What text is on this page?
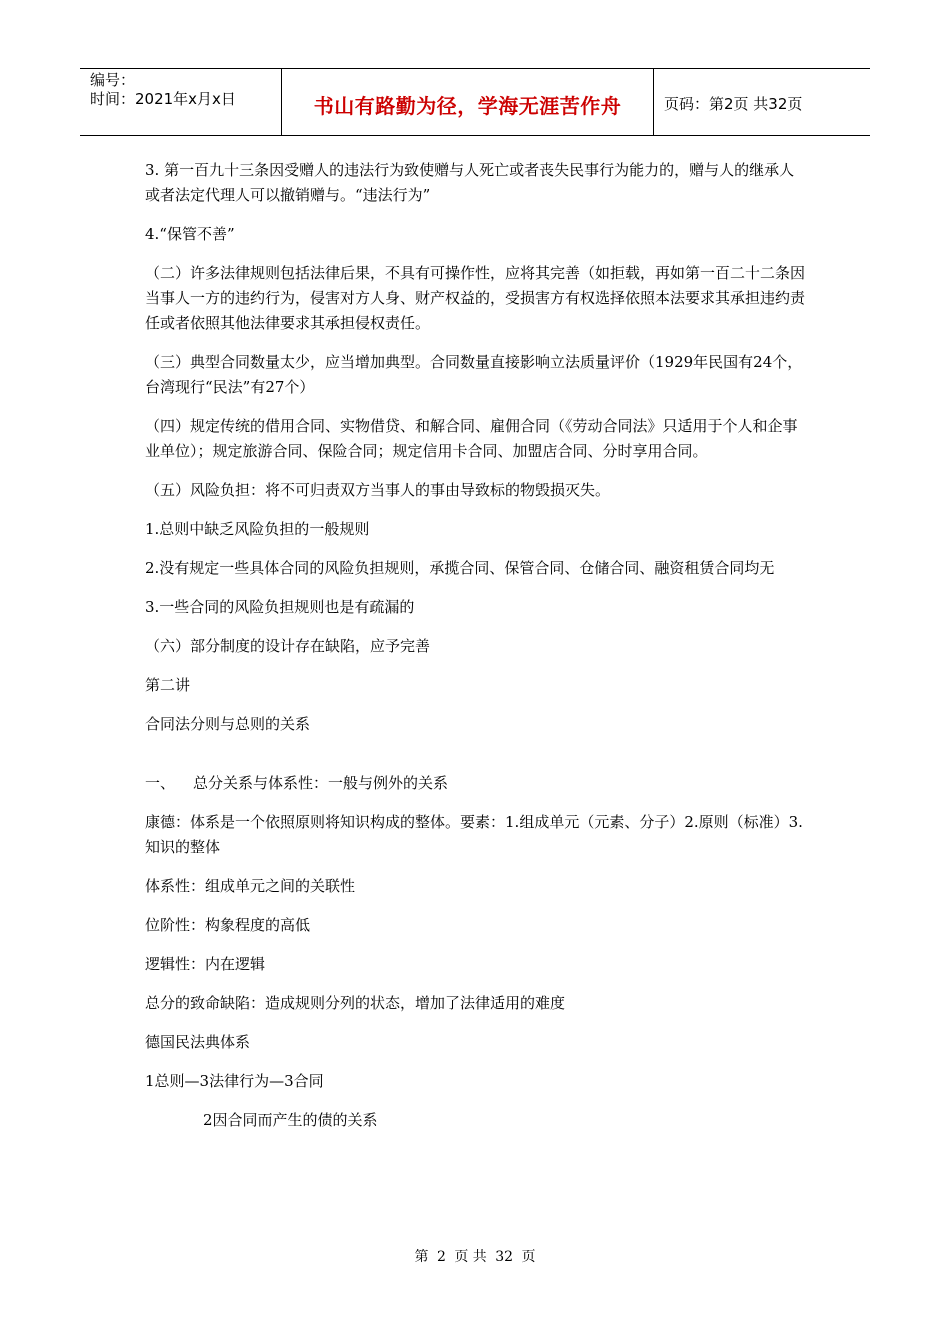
编号：
时间：2021年x月x日	书山有路勤为径，学海无涯苦作舟	页码：第2页 共32页

3. 第一百九十三条因受赠人的违法行为致使赠与人死亡或者丧失民事行为能力的，赠与人的继承人或者法定代理人可以撤销赠与。“违法行为”

4.“保管不善”

（二）许多法律规则包括法律后果，不具有可操作性，应将其完善（如拒载，再如第一百二十二条因当事人一方的违约行为，侵害对方人身、财产权益的，受损害方有权选择依照本法要求其承担违约责任或者依照其他法律要求其承担侵权责任。

（三）典型合同数量太少，应当增加典型。合同数量直接影响立法质量评价（1929年民国有24个，台湾现行“民法”有27个）

（四）规定传统的借用合同、实物借贷、和解合同、雇佣合同（《劳动合同法》只适用于个人和企事业单位）；规定旅游合同、保险合同；规定信用卡合同、加盟店合同、分时享用合同。

（五）风险负担：将不可归责双方当事人的事由导致标的物毁损灭失。

1.总则中缺乏风险负担的一般规则

2.没有规定一些具体合同的风险负担规则，承揽合同、保管合同、仓储合同、融资租赁合同均无

3.一些合同的风险负担规则也是有疏漏的

（六）部分制度的设计存在缺陷，应予完善

第二讲

合同法分则与总则的关系

一、 总分关系与体系性：一般与例外的关系

康德：体系是一个依照原则将知识构成的整体。要素：1.组成单元（元素、分子）2.原则（标准）3.知识的整体

体系性：组成单元之间的关联性

位阶性：构象程度的高低

逻辑性：内在逻辑

总分的致命缺陷：造成规则分列的状态，增加了法律适用的难度

德国民法典体系

1总则—3法律行为—3合同

2因合同而产生的债的关系

第 2 页 共 32 页
